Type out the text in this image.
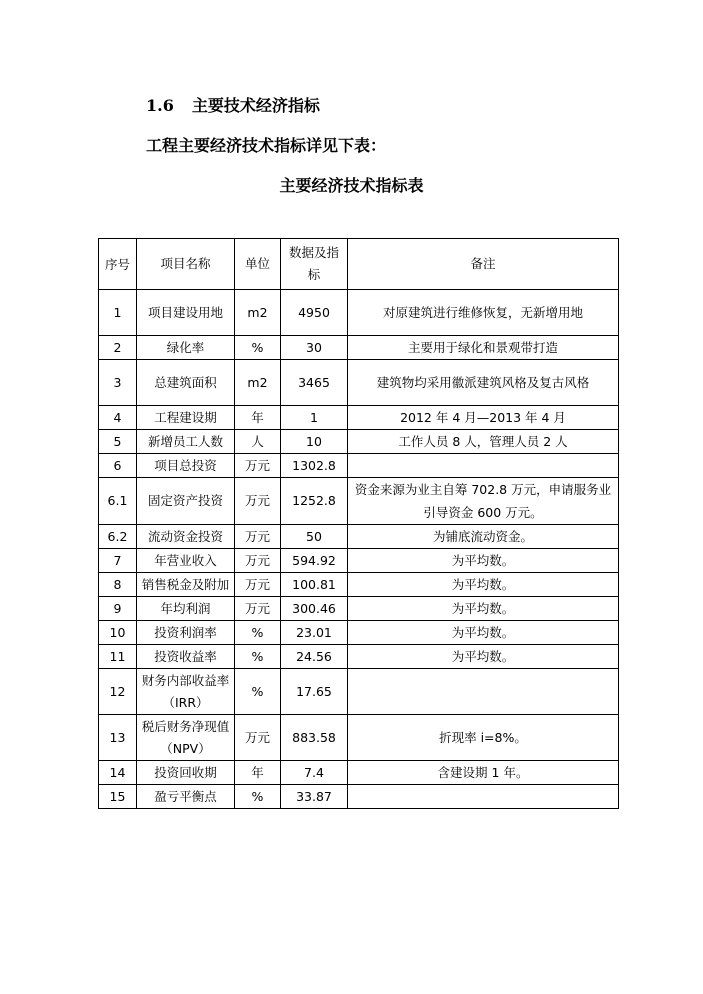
1.6 主要技术经济指标
工程主要经济技术指标详见下表：
主要经济技术指标表
序号	项目名称	单位	数据及指标	备注
1	项目建设用地	m2	4950	对原建筑进行维修恢复，无新增用地
2	绿化率	%	30	主要用于绿化和景观带打造
3	总建筑面积	m2	3465	建筑物均采用徽派建筑风格及复古风格
4	工程建设期	年	1	2012 年 4 月—2013 年 4 月
5	新增员工人数	人	10	工作人员 8 人，管理人员 2 人
6	项目总投资	万元	1302.8	
6.1	固定资产投资	万元	1252.8	资金来源为业主自筹 702.8 万元，申请服务业引导资金 600 万元。
6.2	流动资金投资	万元	50	为铺底流动资金。
7	年营业收入	万元	594.92	为平均数。
8	销售税金及附加	万元	100.81	为平均数。
9	年均利润	万元	300.46	为平均数。
10	投资利润率	%	23.01	为平均数。
11	投资收益率	%	24.56	为平均数。
12	财务内部收益率（IRR）	%	17.65	
13	税后财务净现值（NPV）	万元	883.58	折现率 i=8%。
14	投资回收期	年	7.4	含建设期 1 年。
15	盈亏平衡点	%	33.87	
